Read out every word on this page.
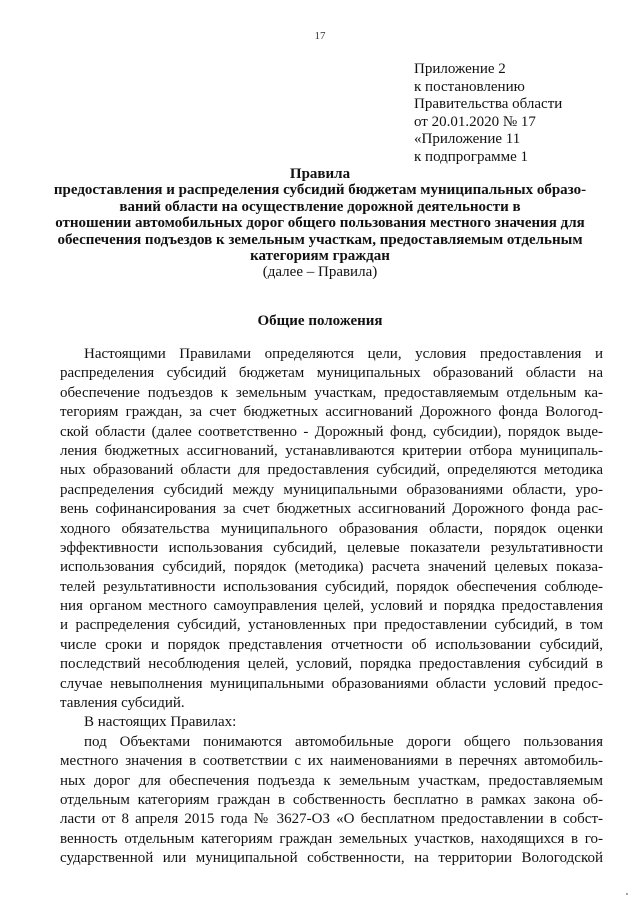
17
Приложение 2
к постановлению
Правительства области
от 20.01.2020 № 17
«Приложение 11
к подпрограмме 1
Правила
предоставления и распределения субсидий бюджетам муниципальных образо-
ваний области на осуществление дорожной деятельности в
отношении автомобильных дорог общего пользования местного значения для
обеспечения подъездов к земельным участкам, предоставляемым отдельным
категориям граждан
(далее – Правила)
Общие положения
Настоящими Правилами определяются цели, условия предоставления и
распределения субсидий бюджетам муниципальных образований области на
обеспечение подъездов к земельным участкам, предоставляемым отдельным ка-
тегориям граждан, за счет бюджетных ассигнований Дорожного фонда Вологод-
ской области (далее соответственно - Дорожный фонд, субсидии), порядок выде-
ления бюджетных ассигнований, устанавливаются критерии отбора муниципаль-
ных образований области для предоставления субсидий, определяются методика
распределения субсидий между муниципальными образованиями области, уро-
вень софинансирования за счет бюджетных ассигнований Дорожного фонда рас-
ходного обязательства муниципального образования области, порядок оценки
эффективности использования субсидий, целевые показатели результативности
использования субсидий, порядок (методика) расчета значений целевых показа-
телей результативности использования субсидий, порядок обеспечения соблюде-
ния органом местного самоуправления целей, условий и порядка предоставления
и распределения субсидий, установленных при предоставлении субсидий, в том
числе сроки и порядок представления отчетности об использовании субсидий,
последствий несоблюдения целей, условий, порядка предоставления субсидий в
случае невыполнения муниципальными образованиями области условий предос-
тавления субсидий.
В настоящих Правилах:
под Объектами понимаются автомобильные дороги общего пользования
местного значения в соответствии с их наименованиями в перечнях автомобиль-
ных дорог для обеспечения подъезда к земельным участкам, предоставляемым
отдельным категориям граждан в собственность бесплатно в рамках закона об-
ласти от 8 апреля 2015 года № 3627-ОЗ «О бесплатном предоставлении в собст-
венность отдельным категориям граждан земельных участков, находящихся в го-
сударственной или муниципальной собственности, на территории Вологодской
